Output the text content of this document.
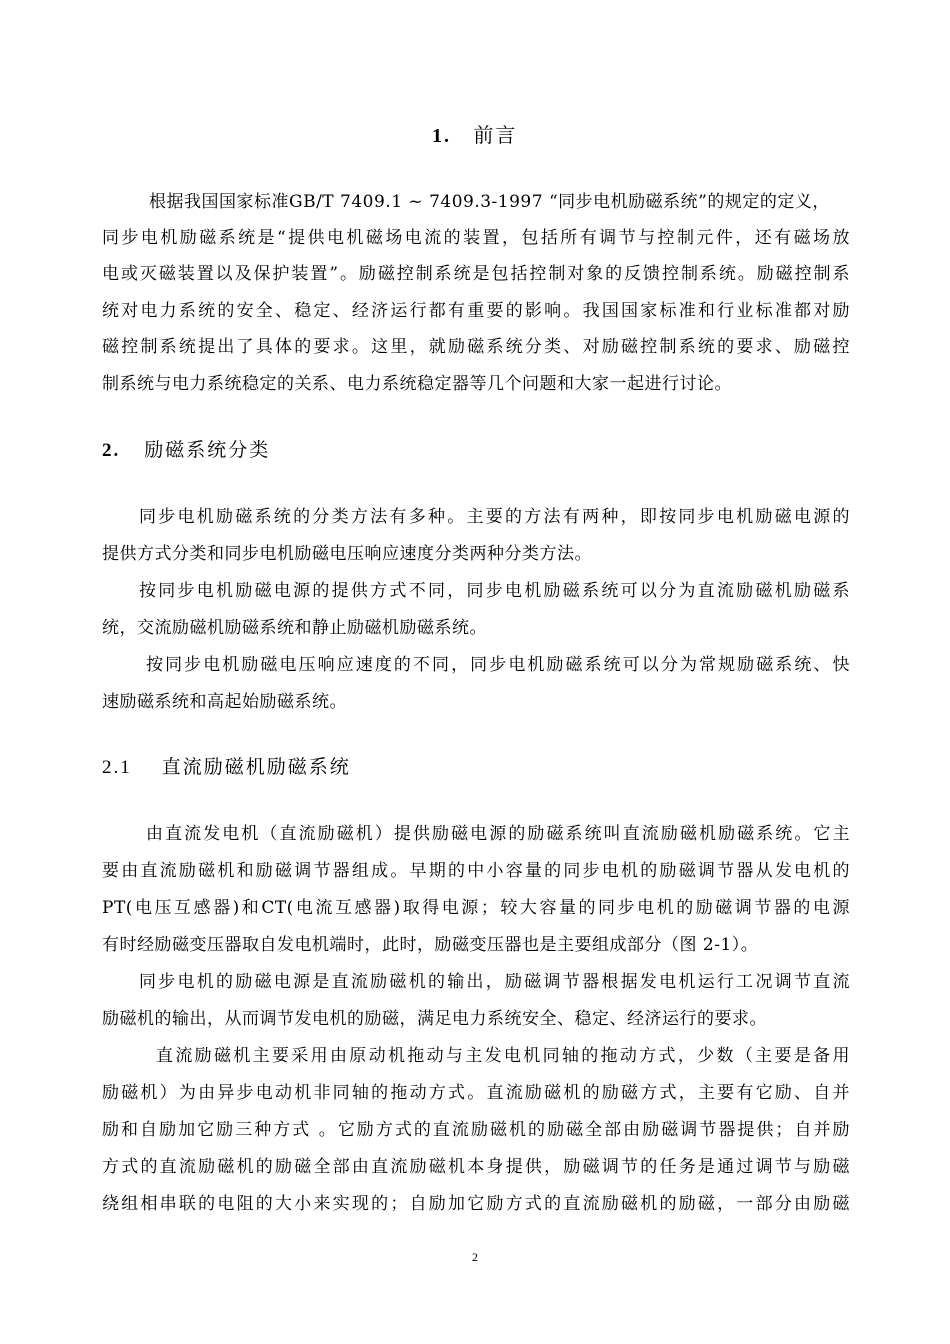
1. 前言
根据我国国家标准GB/T 7409.1 ~ 7409.3-1997 “同步电机励磁系统”的规定的定义，
同步电机励磁系统是“提供电机磁场电流的装置，包括所有调节与控制元件，还有磁场放
电或灭磁装置以及保护装置”。励磁控制系统是包括控制对象的反馈控制系统。励磁控制系
统对电力系统的安全、稳定、经济运行都有重要的影响。我国国家标准和行业标准都对励
磁控制系统提出了具体的要求。这里，就励磁系统分类、对励磁控制系统的要求、励磁控
制系统与电力系统稳定的关系、电力系统稳定器等几个问题和大家一起进行讨论。
2. 励磁系统分类
同步电机励磁系统的分类方法有多种。主要的方法有两种，即按同步电机励磁电源的
提供方式分类和同步电机励磁电压响应速度分类两种分类方法。
按同步电机励磁电源的提供方式不同，同步电机励磁系统可以分为直流励磁机励磁系
统，交流励磁机励磁系统和静止励磁机励磁系统。
按同步电机励磁电压响应速度的不同，同步电机励磁系统可以分为常规励磁系统、快
速励磁系统和高起始励磁系统。
2.1 直流励磁机励磁系统
由直流发电机（直流励磁机）提供励磁电源的励磁系统叫直流励磁机励磁系统。它主
要由直流励磁机和励磁调节器组成。早期的中小容量的同步电机的励磁调节器从发电机的
PT(电压互感器)和CT(电流互感器)取得电源；较大容量的同步电机的励磁调节器的电源
有时经励磁变压器取自发电机端时，此时，励磁变压器也是主要组成部分（图 2-1）。
同步电机的励磁电源是直流励磁机的输出，励磁调节器根据发电机运行工况调节直流
励磁机的输出，从而调节发电机的励磁，满足电力系统安全、稳定、经济运行的要求。
直流励磁机主要采用由原动机拖动与主发电机同轴的拖动方式，少数（主要是备用
励磁机）为由异步电动机非同轴的拖动方式。直流励磁机的励磁方式，主要有它励、自并
励和自励加它励三种方式 。它励方式的直流励磁机的励磁全部由励磁调节器提供；自并励
方式的直流励磁机的励磁全部由直流励磁机本身提供，励磁调节的任务是通过调节与励磁
绕组相串联的电阻的大小来实现的；自励加它励方式的直流励磁机的励磁，一部分由励磁
2
